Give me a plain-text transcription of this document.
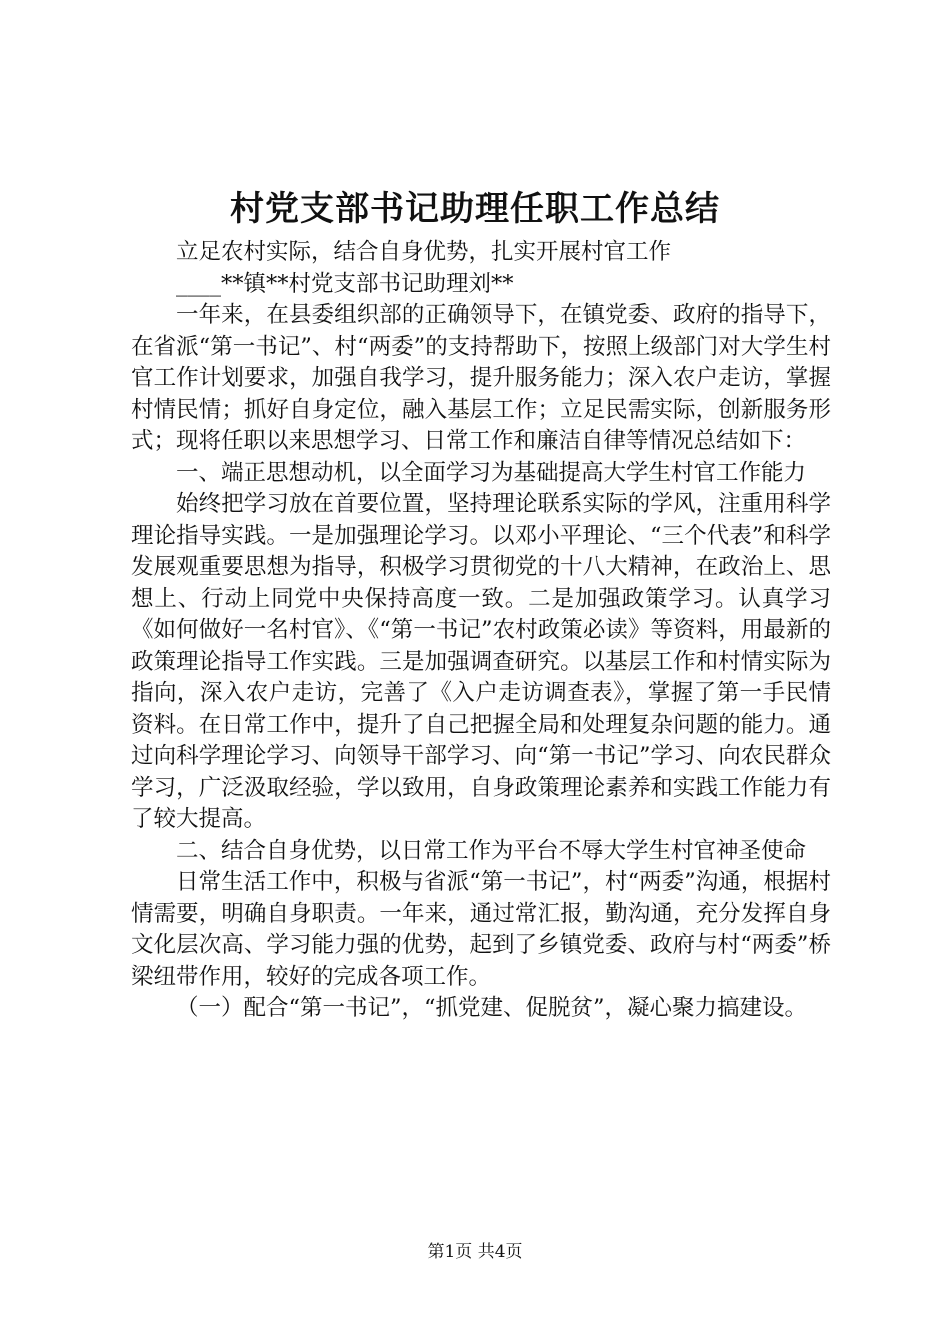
村党支部书记助理任职工作总结

立足农村实际，结合自身优势，扎实开展村官工作

____**镇**村党支部书记助理刘**

一年来，在县委组织部的正确领导下，在镇党委、政府的指导下，在省派“第一书记”、村“两委”的支持帮助下，按照上级部门对大学生村官工作计划要求，加强自我学习，提升服务能力；深入农户走访，掌握村情民情；抓好自身定位，融入基层工作；立足民需实际，创新服务形式；现将任职以来思想学习、日常工作和廉洁自律等情况总结如下：

一、端正思想动机，以全面学习为基础提高大学生村官工作能力

始终把学习放在首要位置，坚持理论联系实际的学风，注重用科学理论指导实践。一是加强理论学习。以邓小平理论、“三个代表”和科学发展观重要思想为指导，积极学习贯彻党的十八大精神，在政治上、思想上、行动上同党中央保持高度一致。二是加强政策学习。认真学习《如何做好一名村官》、《“第一书记”农村政策必读》等资料，用最新的政策理论指导工作实践。三是加强调查研究。以基层工作和村情实际为指向，深入农户走访，完善了《入户走访调查表》，掌握了第一手民情资料。在日常工作中，提升了自己把握全局和处理复杂问题的能力。通过向科学理论学习、向领导干部学习、向“第一书记”学习、向农民群众学习，广泛汲取经验，学以致用，自身政策理论素养和实践工作能力有了较大提高。

二、结合自身优势，以日常工作为平台不辱大学生村官神圣使命

日常生活工作中，积极与省派“第一书记”，村“两委”沟通，根据村情需要，明确自身职责。一年来，通过常汇报，勤沟通，充分发挥自身文化层次高、学习能力强的优势，起到了乡镇党委、政府与村“两委”桥梁纽带作用，较好的完成各项工作。

（一）配合“第一书记”，“抓党建、促脱贫”，凝心聚力搞建设。

第1页 共4页
